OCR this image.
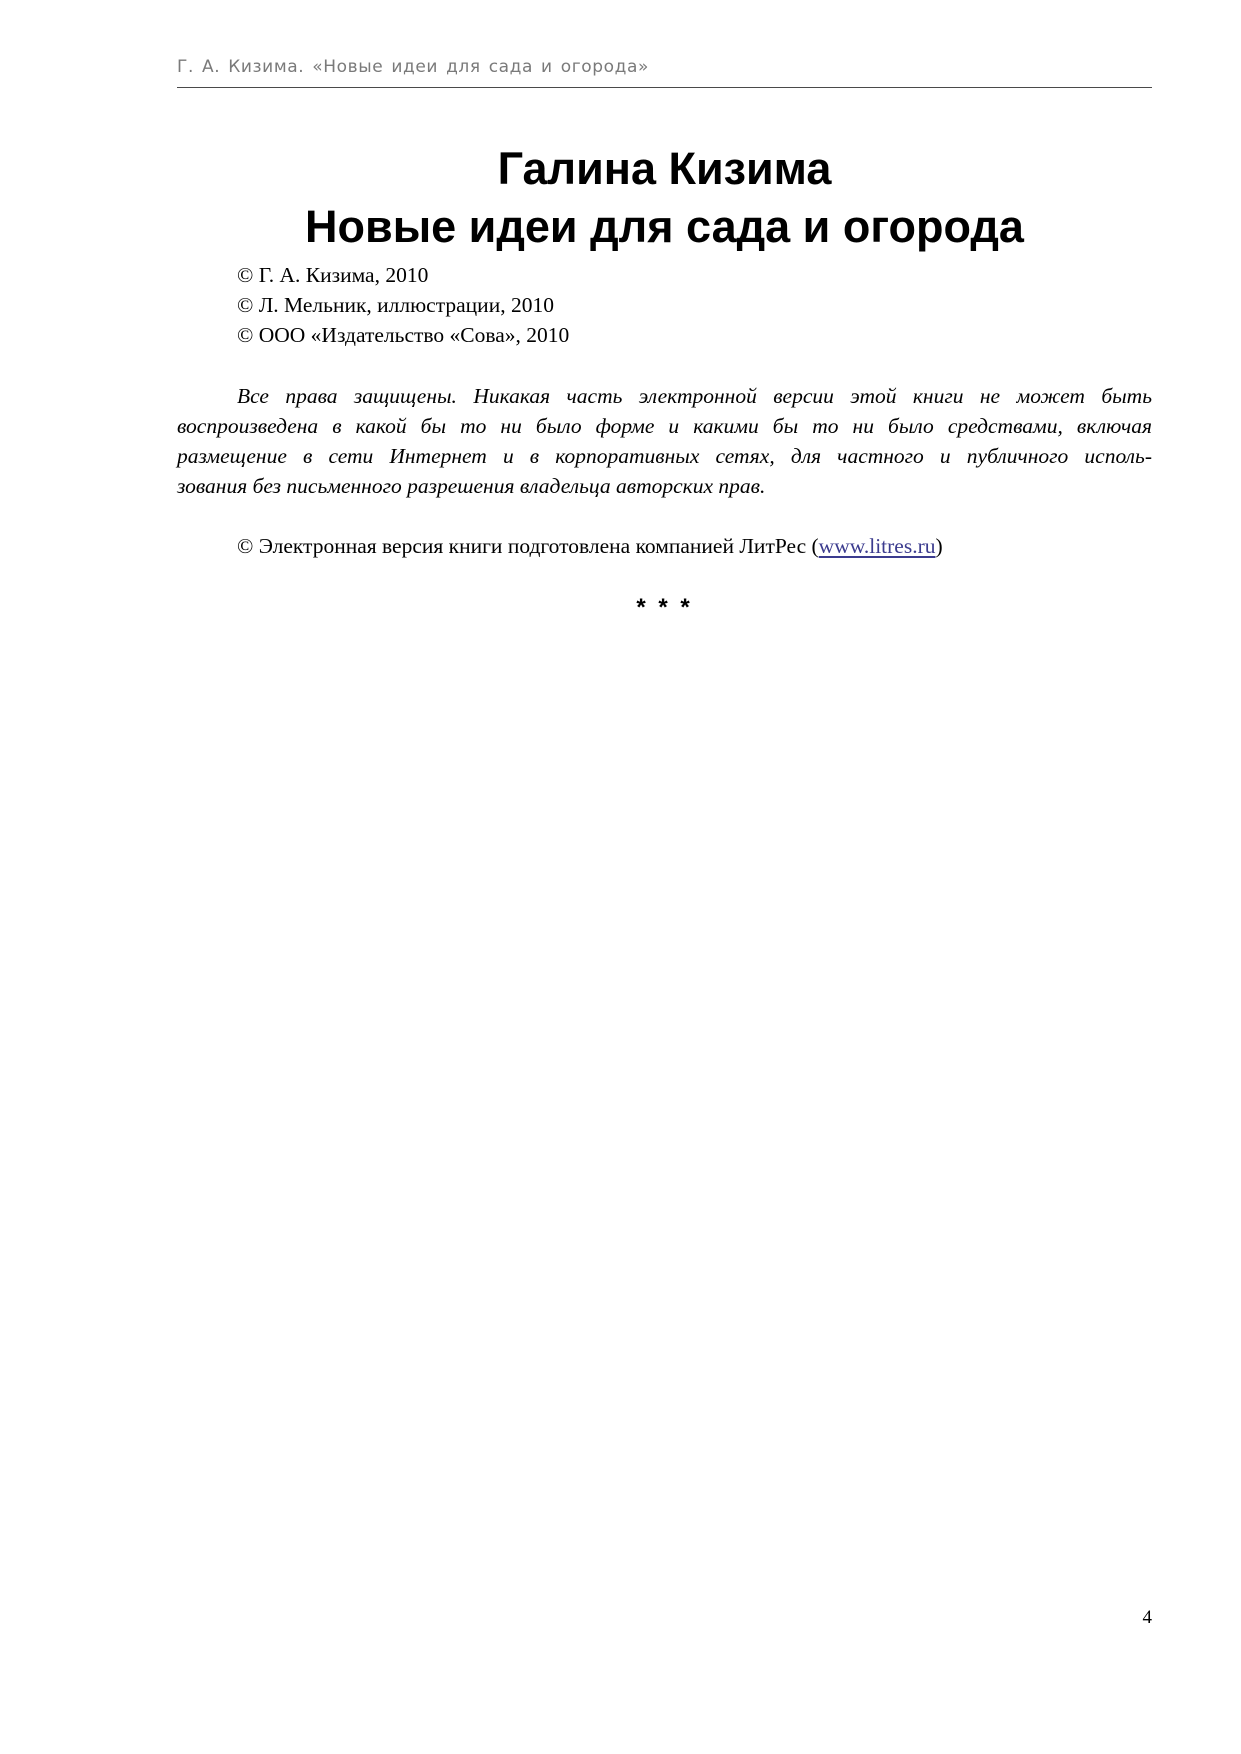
Г. А. Кизима. «Новые идеи для сада и огорода»
Галина Кизима
Новые идеи для сада и огорода
© Г. А. Кизима, 2010
© Л. Мельник, иллюстрации, 2010
© ООО «Издательство «Сова», 2010
Все права защищены. Никакая часть электронной версии этой книги не может быть
воспроизведена в какой бы то ни было форме и какими бы то ни было средствами, включая
размещение в сети Интернет и в корпоративных сетях, для частного и публичного исполь-
зования без письменного разрешения владельца авторских прав.
© Электронная версия книги подготовлена компанией ЛитРес (www.litres.ru)
* * *
4
